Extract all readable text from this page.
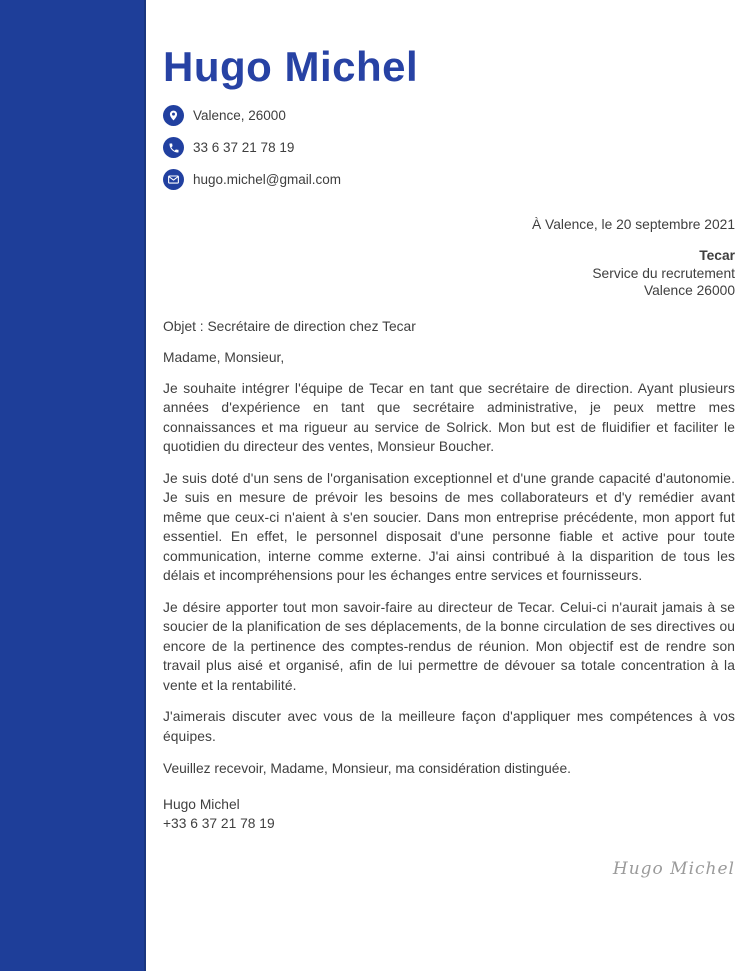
Hugo Michel
Valence, 26000
33 6 37 21 78 19
hugo.michel@gmail.com
À Valence, le 20 septembre 2021
Tecar
Service du recrutement
Valence 26000
Objet : Secrétaire de direction chez Tecar
Madame, Monsieur,

Je souhaite intégrer l'équipe de Tecar en tant que secrétaire de direction. Ayant plusieurs années d'expérience en tant que secrétaire administrative, je peux mettre mes connaissances et ma rigueur au service de Solrick. Mon but est de fluidifier et faciliter le quotidien du directeur des ventes, Monsieur Boucher.

Je suis doté d'un sens de l'organisation exceptionnel et d'une grande capacité d'autonomie. Je suis en mesure de prévoir les besoins de mes collaborateurs et d'y remédier avant même que ceux-ci n'aient à s'en soucier. Dans mon entreprise précédente, mon apport fut essentiel. En effet, le personnel disposait d'une personne fiable et active pour toute communication, interne comme externe. J'ai ainsi contribué à la disparition de tous les délais et incompréhensions pour les échanges entre services et fournisseurs.

Je désire apporter tout mon savoir-faire au directeur de Tecar. Celui-ci n'aurait jamais à se soucier de la planification de ses déplacements, de la bonne circulation de ses directives ou encore de la pertinence des comptes-rendus de réunion. Mon objectif est de rendre son travail plus aisé et organisé, afin de lui permettre de dévouer sa totale concentration à la vente et la rentabilité.

J'aimerais discuter avec vous de la meilleure façon d'appliquer mes compétences à vos équipes.

Veuillez recevoir, Madame, Monsieur, ma considération distinguée.
Hugo Michel
+33 6 37 21 78 19
Hugo Michel
